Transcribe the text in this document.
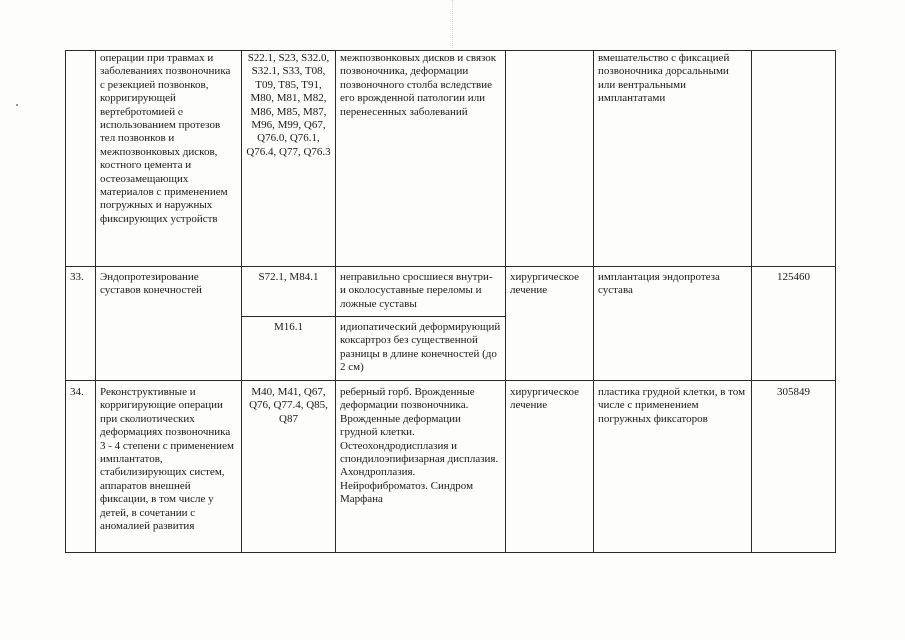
	операции при травмах и заболеваниях позвоночника с резекцией позвонков, корригирующей вертебротомией с использованием протезов тел позвонков и межпозвонковых дисков, костного цемента и остеозамещающих материалов с применением погружных и наружных фиксирующих устройств	S22.1, S23, S32.0, S32.1, S33, T08, T09, T85, T91, M80, M81, M82, M86, M85, M87, M96, M99, Q67, Q76.0, Q76.1, Q76.4, Q77, Q76.3	межпозвонковых дисков и связок позвоночника, деформации позвоночного столба вследствие его врожденной патологии или перенесенных заболеваний		вмешательство с фиксацией позвоночника дорсальными или вентральными имплантатами	
33.	Эндопротезирование суставов конечностей	S72.1, M84.1	неправильно сросшиеся внутри- и околосуставные переломы и ложные суставы	хирургическое лечение	имплантация эндопротеза сустава	125460
		M16.1	идиопатический деформирующий коксартроз без существенной разницы в длине конечностей (до 2 см)			
34.	Реконструктивные и корригирующие операции при сколиотических деформациях позвоночника 3 - 4 степени с применением имплантатов, стабилизирующих систем, аппаратов внешней фиксации, в том числе у детей, в сочетании с аномалией развития	M40, M41, Q67, Q76, Q77.4, Q85, Q87	реберный горб. Врожденные деформации позвоночника. Врожденные деформации грудной клетки. Остеохондродисплазия и спондилоэпифизарная дисплазия. Ахондроплазия. Нейрофиброматоз. Синдром Марфана	хирургическое лечение	пластика грудной клетки, в том числе с применением погружных фиксаторов	305849
